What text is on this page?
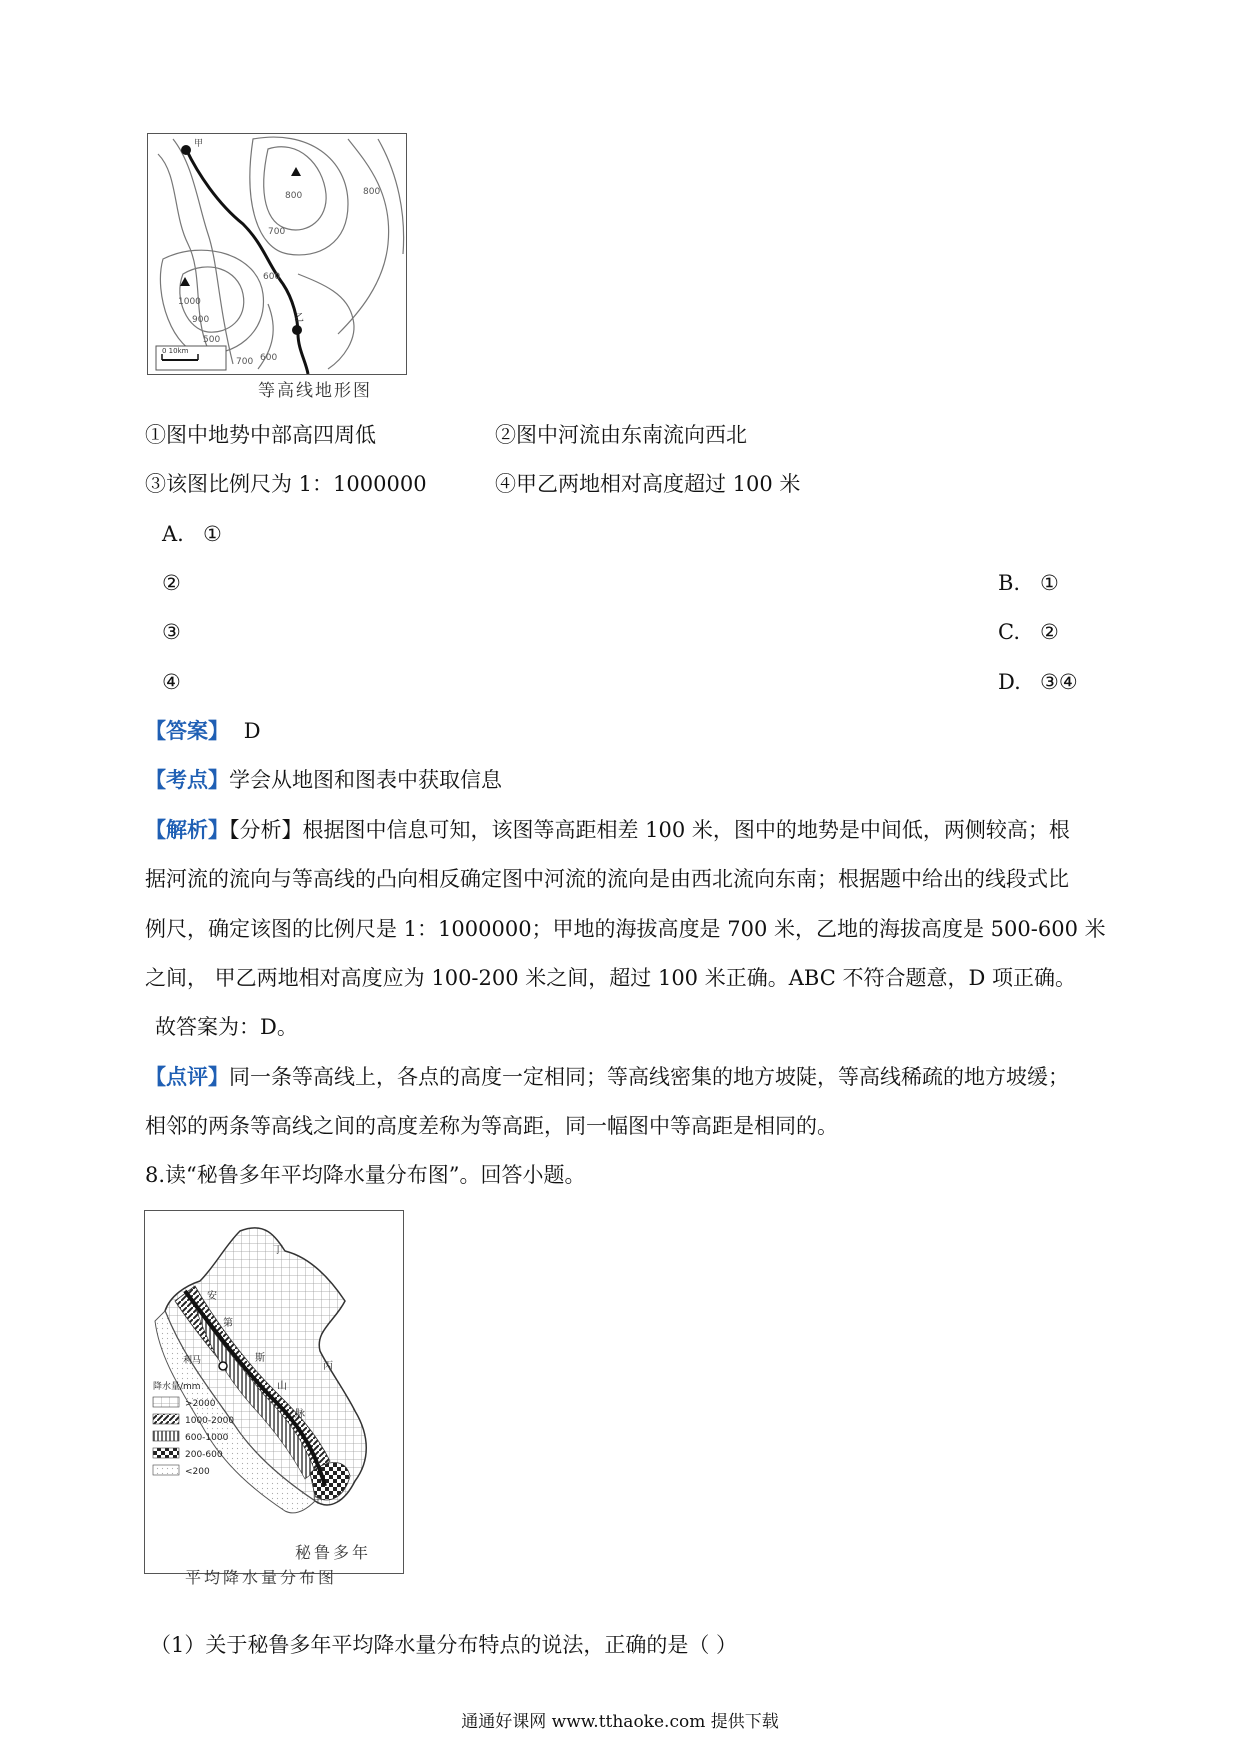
甲
乙
800	800
700
600
1000
900
500
700 600
0 10km
等高线地形图
①图中地势中部高四周低	②图中河流由东南流向西北
③该图比例尺为 1：1000000	④甲乙两地相对高度超过 100 米
A. ①
②	B. ①
③	C. ②
④	D. ③④
【答案】 D
【考点】学会从地图和图表中获取信息
【解析】【分析】根据图中信息可知，该图等高距相差 100 米，图中的地势是中间低，两侧较高；根
据河流的流向与等高线的凸向相反确定图中河流的流向是由西北流向东南；根据题中给出的线段式比
例尺，确定该图的比例尺是 1：1000000；甲地的海拔高度是 700 米，乙地的海拔高度是 500-600 米
之间， 甲乙两地相对高度应为 100-200 米之间，超过 100 米正确。ABC 不符合题意，D 项正确。
故答案为：D。
【点评】同一条等高线上，各点的高度一定相同；等高线密集的地方坡陡，等高线稀疏的地方坡缓；
相邻的两条等高线之间的高度差称为等高距，同一幅图中等高距是相同的。
8.读“秘鲁多年平均降水量分布图”。回答小题。
利马
丁
安
第
斯
山
脉
丙
甲
降水量/mm
>2000
1000-2000
600-1000
200-600
<200
秘鲁多年
平均降水量分布图
（1）关于秘鲁多年平均降水量分布特点的说法，正确的是（ ）
通通好课网 www.tthaoke.com 提供下载
